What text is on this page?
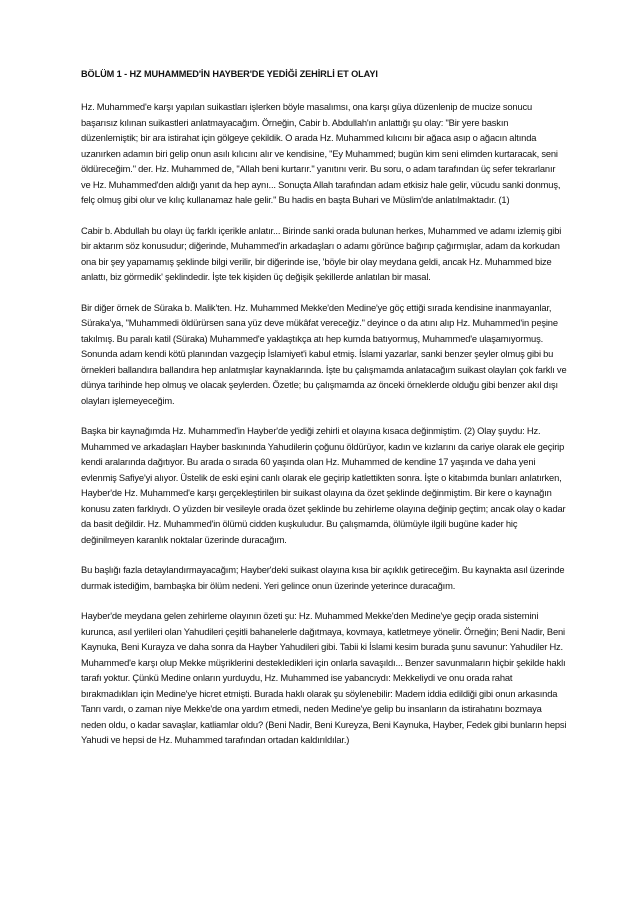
BÖLÜM 1 - HZ MUHAMMED'İN HAYBER'DE YEDİĞİ ZEHİRLİ ET OLAYI

Hz. Muhammed'e karşı yapılan suikastları işlerken böyle masalımsı, ona karşı güya düzenlenip de mucize sonucu başarısız kılınan suikastleri anlatmayacağım. Örneğin, Cabir b. Abdullah'ın anlattığı şu olay: "Bir yere baskın düzenlemiştik; bir ara istirahat için gölgeye çekildik. O arada Hz. Muhammed kılıcını bir ağaca asıp o ağacın altında uzanırken adamın biri gelip onun asılı kılıcını alır ve kendisine, "Ey Muhammed; bugün kim seni elimden kurtaracak, seni öldüreceğim." der. Hz. Muhammed de, "Allah beni kurtarır." yanıtını verir. Bu soru, o adam tarafından üç sefer tekrarlanır ve Hz. Muhammed'den aldığı yanıt da hep aynı... Sonuçta Allah tarafından adam etkisiz hale gelir, vücudu sanki donmuş, felç olmuş gibi olur ve kılıç kullanamaz hale gelir." Bu hadis en başta Buhari ve Müslim'de anlatılmaktadır. (1)

Cabir b. Abdullah bu olayı üç farklı içerikle anlatır... Birinde sanki orada bulunan herkes, Muhammed ve adamı izlemiş gibi bir aktarım söz konusudur; diğerinde, Muhammed'in arkadaşları o adamı görünce bağırıp çağırmışlar, adam da korkudan ona bir şey yapamamış şeklinde bilgi verilir, bir diğerinde ise, 'böyle bir olay meydana geldi, ancak Hz. Muhammed bize anlattı, biz görmedik' şeklindedir. İşte tek kişiden üç değişik şekillerde anlatılan bir masal.

Bir diğer örnek de Süraka b. Malik'ten. Hz. Muhammed Mekke'den Medine'ye göç ettiği sırada kendisine inanmayanlar, Süraka'ya, "Muhammedi öldürürsen sana yüz deve mükâfat vereceğiz." deyince o da atını alıp Hz. Muhammed'in peşine takılmış. Bu paralı katil (Süraka) Muhammed'e yaklaştıkça atı hep kumda batıyormuş, Muhammed'e ulaşamıyormuş. Sonunda adam kendi kötü planından vazgeçip İslamiyet'i kabul etmiş. İslami yazarlar, sanki benzer şeyler olmuş gibi bu örnekleri ballandıra ballandıra hep anlatmışlar kaynaklarında. İşte bu çalışmamda anlatacağım suikast olayları çok farklı ve dünya tarihinde hep olmuş ve olacak şeylerden. Özetle; bu çalışmamda az önceki örneklerde olduğu gibi benzer akıl dışı olayları işlemeyeceğim.

Başka bir kaynağımda Hz. Muhammed'in Hayber'de yediği zehirli et olayına kısaca değinmiştim. (2) Olay şuydu: Hz. Muhammed ve arkadaşları Hayber baskınında Yahudilerin çoğunu öldürüyor, kadın ve kızlarını da cariye olarak ele geçirip kendi aralarında dağıtıyor. Bu arada o sırada 60 yaşında olan Hz. Muhammed de kendine 17 yaşında ve daha yeni evlenmiş Safiye'yi alıyor. Üstelik de eski eşini canlı olarak ele geçirip katlettikten sonra. İşte o kitabımda bunları anlatırken, Hayber'de Hz. Muhammed'e karşı gerçekleştirilen bir suikast olayına da özet şeklinde değinmiştim. Bir kere o kaynağın konusu zaten farklıydı. O yüzden bir vesileyle orada özet şeklinde bu zehirleme olayına değinip geçtim; ancak olay o kadar da basit değildir. Hz. Muhammed'in ölümü cidden kuşkuludur. Bu çalışmamda, ölümüyle ilgili bugüne kader hiç değinilmeyen karanlık noktalar üzerinde duracağım.

Bu başlığı fazla detaylandırmayacağım; Hayber'deki suikast olayına kısa bir açıklık getireceğim. Bu kaynakta asıl üzerinde durmak istediğim, bambaşka bir ölüm nedeni. Yeri gelince onun üzerinde yeterince duracağım.

Hayber'de meydana gelen zehirleme olayının özeti şu: Hz. Muhammed Mekke'den Medine'ye geçip orada sistemini kurunca, asıl yerlileri olan Yahudileri çeşitli bahanelerle dağıtmaya, kovmaya, katletmeye yönelir. Örneğin; Beni Nadir, Beni Kaynuka, Beni Kurayza ve daha sonra da Hayber Yahudileri gibi. Tabii ki İslami kesim burada şunu savunur: Yahudiler Hz. Muhammed'e karşı olup Mekke müşriklerini destekledikleri için onlarla savaşıldı... Benzer savunmaların hiçbir şekilde haklı tarafı yoktur. Çünkü Medine onların yurduydu, Hz. Muhammed ise yabancıydı: Mekkeliydi ve onu orada rahat bırakmadıkları için Medine'ye hicret etmişti. Burada haklı olarak şu söylenebilir: Madem iddia edildiği gibi onun arkasında Tanrı vardı, o zaman niye Mekke'de ona yardım etmedi, neden Medine'ye gelip bu insanların da istirahatını bozmaya neden oldu, o kadar savaşlar, katliamlar oldu? (Beni Nadir, Beni Kureyza, Beni Kaynuka, Hayber, Fedek gibi bunların hepsi Yahudi ve hepsi de Hz. Muhammed tarafından ortadan kaldırıldılar.)
